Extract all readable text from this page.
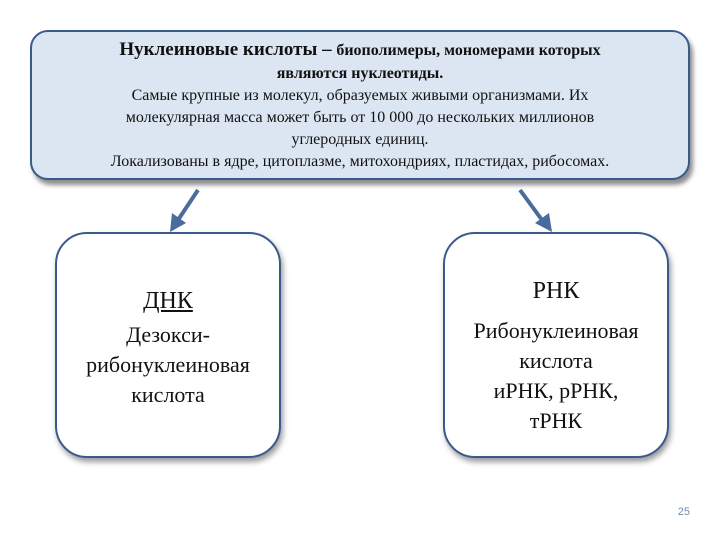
Нуклеиновые кислоты – биополимеры, мономерами которых
являются нуклеотиды.
Самые крупные из молекул, образуемых живыми организмами. Их
молекулярная масса может быть от 10 000 до нескольких миллионов
углеродных единиц.
Локализованы в ядре, цитоплазме, митохондриях, пластидах, рибосомах.
ДНК
Дезокси-
рибонуклеиновая
кислота
РНК
Рибонуклеиновая
кислота
иРНК, рРНК,
тРНК
25
